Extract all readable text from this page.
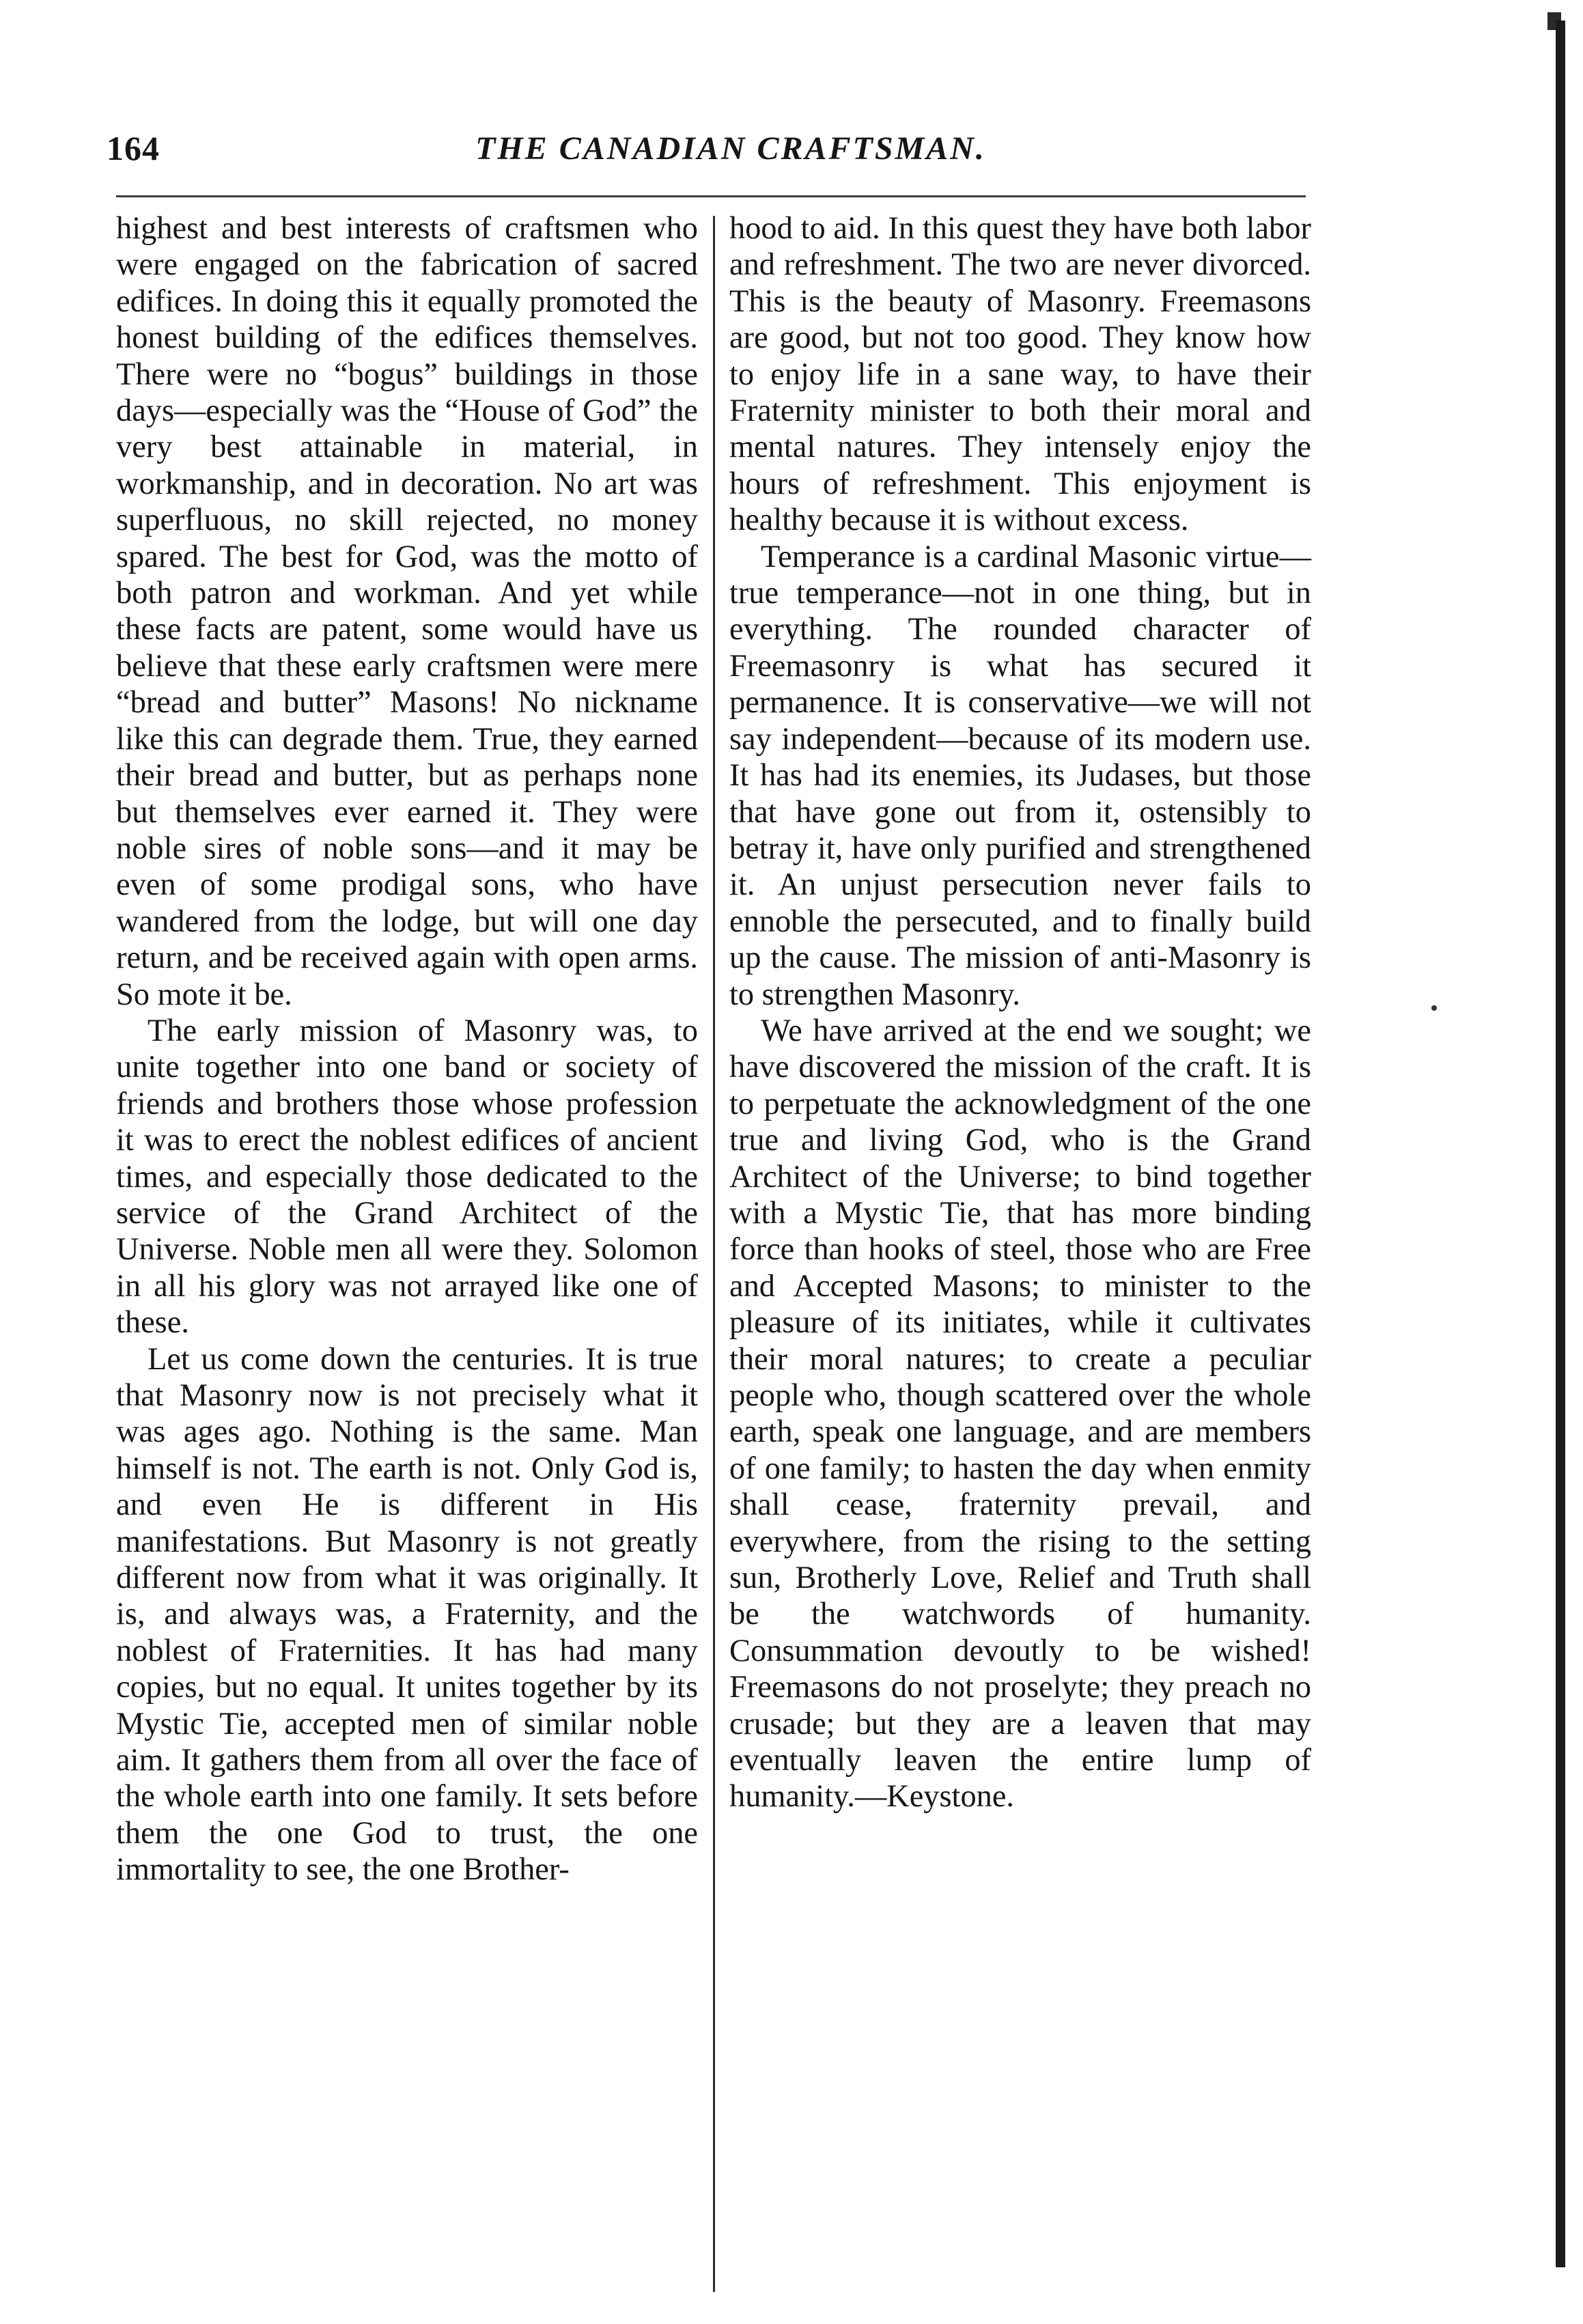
164	THE CANADIAN CRAFTSMAN.

highest and best interests of craftsmen who were engaged on the fabrication of sacred edifices. In doing this it equally promoted the honest building of the edifices themselves. There were no “bogus” buildings in those days—especially was the “House of God” the very best attainable in material, in workmanship, and in decoration. No art was superfluous, no skill rejected, no money spared. The best for God, was the motto of both patron and workman. And yet while these facts are patent, some would have us believe that these early craftsmen were mere “bread and butter” Masons! No nickname like this can degrade them. True, they earned their bread and butter, but as perhaps none but themselves ever earned it. They were noble sires of noble sons—and it may be even of some prodigal sons, who have wandered from the lodge, but will one day return, and be received again with open arms. So mote it be.

The early mission of Masonry was, to unite together into one band or society of friends and brothers those whose profession it was to erect the noblest edifices of ancient times, and especially those dedicated to the service of the Grand Architect of the Universe. Noble men all were they. Solomon in all his glory was not arrayed like one of these.

Let us come down the centuries. It is true that Masonry now is not precisely what it was ages ago. Nothing is the same. Man himself is not. The earth is not. Only God is, and even He is different in His manifestations. But Masonry is not greatly different now from what it was originally. It is, and always was, a Fraternity, and the noblest of Fraternities. It has had many copies, but no equal. It unites together by its Mystic Tie, accepted men of similar noble aim. It gathers them from all over the face of the whole earth into one family. It sets before them the one God to trust, the one immortality to see, the one Brother-

hood to aid. In this quest they have both labor and refreshment. The two are never divorced. This is the beauty of Masonry. Freemasons are good, but not too good. They know how to enjoy life in a sane way, to have their Fraternity minister to both their moral and mental natures. They intensely enjoy the hours of refreshment. This enjoyment is healthy because it is without excess.

Temperance is a cardinal Masonic virtue—true temperance—not in one thing, but in everything. The rounded character of Freemasonry is what has secured it permanence. It is conservative—we will not say independent—because of its modern use. It has had its enemies, its Judases, but those that have gone out from it, ostensibly to betray it, have only purified and strengthened it. An unjust persecution never fails to ennoble the persecuted, and to finally build up the cause. The mission of anti-Masonry is to strengthen Masonry.

We have arrived at the end we sought; we have discovered the mission of the craft. It is to perpetuate the acknowledgment of the one true and living God, who is the Grand Architect of the Universe; to bind together with a Mystic Tie, that has more binding force than hooks of steel, those who are Free and Accepted Masons; to minister to the pleasure of its initiates, while it cultivates their moral natures; to create a peculiar people who, though scattered over the whole earth, speak one language, and are members of one family; to hasten the day when enmity shall cease, fraternity prevail, and everywhere, from the rising to the setting sun, Brotherly Love, Relief and Truth shall be the watchwords of humanity. Consummation devoutly to be wished! Freemasons do not proselyte; they preach no crusade; but they are a leaven that may eventually leaven the entire lump of humanity.—Keystone.
